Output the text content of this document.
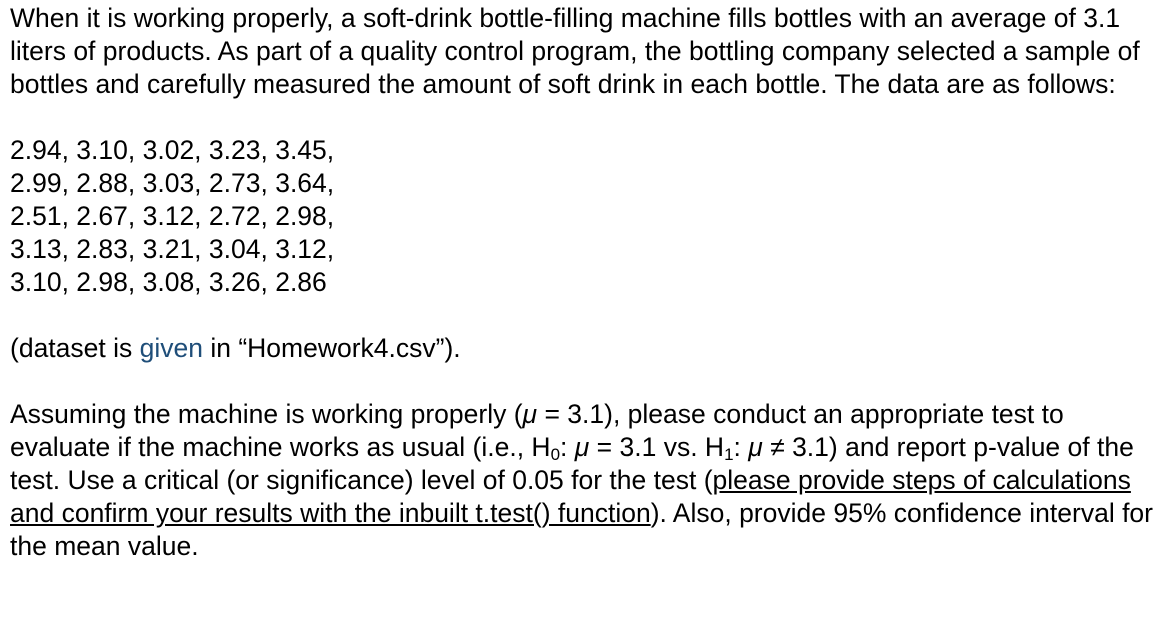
When it is working properly, a soft-drink bottle-filling machine fills bottles with an average of 3.1 liters of products. As part of a quality control program, the bottling company selected a sample of bottles and carefully measured the amount of soft drink in each bottle. The data are as follows:

2.94, 3.10, 3.02, 3.23, 3.45,
2.99, 2.88, 3.03, 2.73, 3.64,
2.51, 2.67, 3.12, 2.72, 2.98,
3.13, 2.83, 3.21, 3.04, 3.12,
3.10, 2.98, 3.08, 3.26, 2.86

(dataset is given in “Homework4.csv”).

Assuming the machine is working properly (μ = 3.1), please conduct an appropriate test to evaluate if the machine works as usual (i.e., $H_0$: μ = 3.1 vs. $H_1$: μ ≠ 3.1) and report p-value of the test. Use a critical (or significance) level of 0.05 for the test (please provide steps of calculations and confirm your results with the inbuilt t.test() function). Also, provide 95% confidence interval for the mean value.
